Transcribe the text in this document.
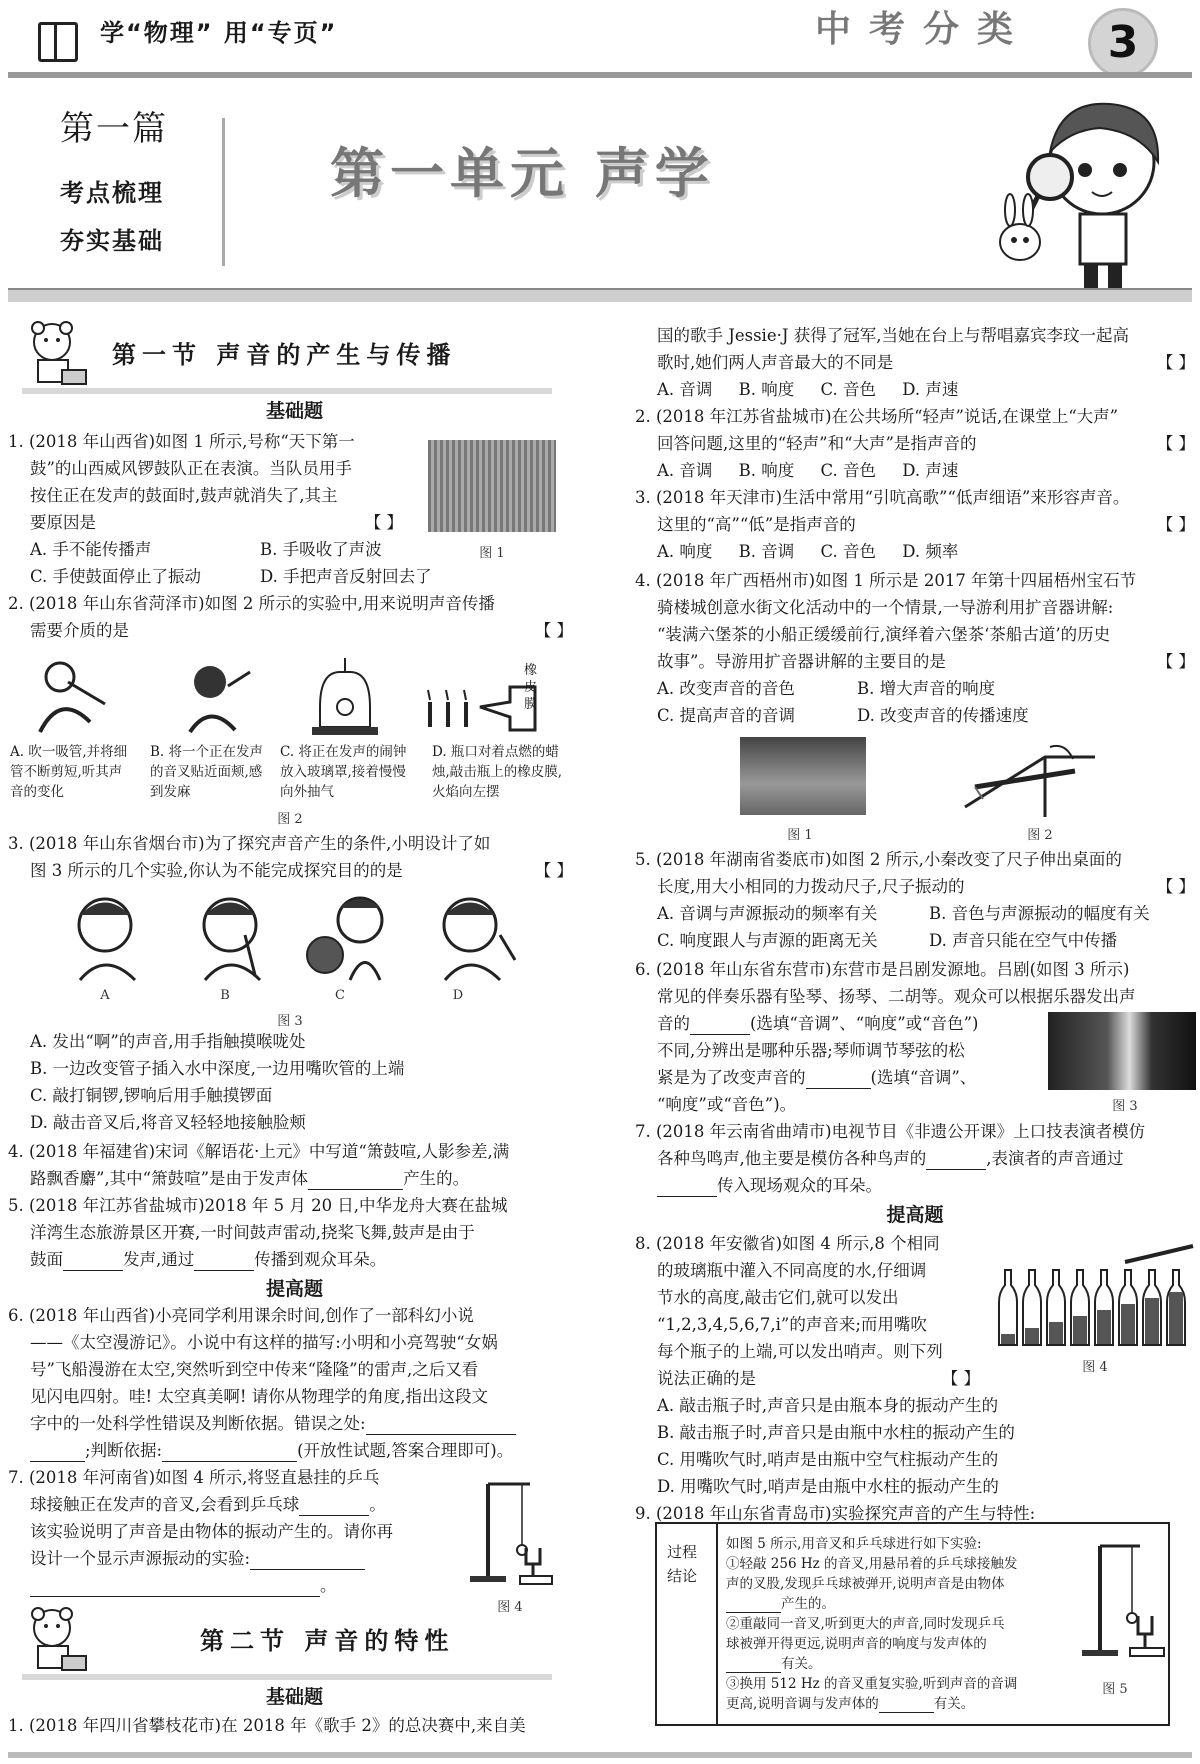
学“物理” 用“专页”	中考分类	3
第一篇
考点梳理
夯实基础
第一单元 声学
第一节 声音的产生与传播
基础题
1. (2018 年山西省)如图 1 所示,号称“天下第一
鼓”的山西威风锣鼓队正在表演。当队员用手
按住正在发声的鼓面时,鼓声就消失了,其主
要原因是	【 】
A. 手不能传播声	B. 手吸收了声波
C. 手使鼓面停止了振动	D. 手把声音反射回去了
图 1
2. (2018 年山东省菏泽市)如图 2 所示的实验中,用来说明声音传播
需要介质的是	【 】
橡皮膜
A. 吹一吸管,并将细管不断剪短,听其声音的变化
B. 将一个正在发声的音叉贴近面颊,感到发麻
C. 将正在发声的闹钟放入玻璃罩,接着慢慢向外抽气
D. 瓶口对着点燃的蜡烛,敲击瓶上的橡皮膜,火焰向左摆
图 2
3. (2018 年山东省烟台市)为了探究声音产生的条件,小明设计了如
图 3 所示的几个实验,你认为不能完成探究目的的是	【 】
A	B	C	D
图 3
A. 发出“啊”的声音,用手指触摸喉咙处
B. 一边改变管子插入水中深度,一边用嘴吹管的上端
C. 敲打铜锣,锣响后用手触摸锣面
D. 敲击音叉后,将音叉轻轻地接触脸颊
4. (2018 年福建省)宋词《解语花·上元》中写道“箫鼓喧,人影参差,满
路飘香麝”,其中“箫鼓喧”是由于发声体	产生的。
5. (2018 年江苏省盐城市)2018 年 5 月 20 日,中华龙舟大赛在盐城
洋湾生态旅游景区开赛,一时间鼓声雷动,挠桨飞舞,鼓声是由于
鼓面	发声,通过	传播到观众耳朵。
提高题
6. (2018 年山西省)小亮同学利用课余时间,创作了一部科幻小说
——《太空漫游记》。小说中有这样的描写:小明和小亮驾驶“女娲
号”飞船漫游在太空,突然听到空中传来“隆隆”的雷声,之后又看
见闪电四射。哇! 太空真美啊! 请你从物理学的角度,指出这段文
字中的一处科学性错误及判断依据。错误之处:
;判断依据:	(开放性试题,答案合理即可)。
7. (2018 年河南省)如图 4 所示,将竖直悬挂的乒乓
球接触正在发声的音叉,会看到乒乓球	。
该实验说明了声音是由物体的振动产生的。请你再
设计一个显示声源振动的实验:
。
图 4
第二节 声音的特性
基础题
1. (2018 年四川省攀枝花市)在 2018 年《歌手 2》的总决赛中,来自美
国的歌手 Jessie·J 获得了冠军,当她在台上与帮唱嘉宾李玟一起高
歌时,她们两人声音最大的不同是	【 】
A. 音调     B. 响度     C. 音色     D. 声速
2. (2018 年江苏省盐城市)在公共场所“轻声”说话,在课堂上“大声”
回答问题,这里的“轻声”和“大声”是指声音的	【 】
A. 音调     B. 响度     C. 音色     D. 声速
3. (2018 年天津市)生活中常用“引吭高歌”“低声细语”来形容声音。
这里的“高”“低”是指声音的	【 】
A. 响度     B. 音调     C. 音色     D. 频率
4. (2018 年广西梧州市)如图 1 所示是 2017 年第十四届梧州宝石节
骑楼城创意水街文化活动中的一个情景,一导游利用扩音器讲解:
“装满六堡茶的小船正缓缓前行,演绎着六堡茶‘茶船古道’的历史
故事”。导游用扩音器讲解的主要目的是	【 】
A. 改变声音的音色	B. 增大声音的响度
C. 提高声音的音调	D. 改变声音的传播速度
图 1	图 2
5. (2018 年湖南省娄底市)如图 2 所示,小秦改变了尺子伸出桌面的
长度,用大小相同的力拨动尺子,尺子振动的	【 】
A. 音调与声源振动的频率有关	B. 音色与声源振动的幅度有关
C. 响度跟人与声源的距离无关	D. 声音只能在空气中传播
6. (2018 年山东省东营市)东营市是吕剧发源地。吕剧(如图 3 所示)
常见的伴奏乐器有坠琴、扬琴、二胡等。观众可以根据乐器发出声
音的	(选填“音调”、“响度”或“音色”)
不同,分辨出是哪种乐器;琴师调节琴弦的松
紧是为了改变声音的	(选填“音调”、
“响度”或“音色”)。	图 3
7. (2018 年云南省曲靖市)电视节目《非遗公开课》上口技表演者模仿
各种鸟鸣声,他主要是模仿各种鸟声的	,表演者的声音通过
传入现场观众的耳朵。
提高题
8. (2018 年安徽省)如图 4 所示,8 个相同
的玻璃瓶中灌入不同高度的水,仔细调
节水的高度,敲击它们,就可以发出
“1,2,3,4,5,6,7,i”的声音来;而用嘴吹
每个瓶子的上端,可以发出哨声。则下列
说法正确的是	【 】
图 4
A. 敲击瓶子时,声音只是由瓶本身的振动产生的
B. 敲击瓶子时,声音只是由瓶中水柱的振动产生的
C. 用嘴吹气时,哨声是由瓶中空气柱振动产生的
D. 用嘴吹气时,哨声是由瓶中水柱的振动产生的
9. (2018 年山东省青岛市)实验探究声音的产生与特性:
过程结论
如图 5 所示,用音叉和乒乓球进行如下实验:
①轻敲 256 Hz 的音叉,用悬吊着的乒乓球接触发
声的叉股,发现乒乓球被弹开,说明声音是由物体
产生的。
②重敲同一音叉,听到更大的声音,同时发现乒乓
球被弹开得更远,说明声音的响度与发声体的
有关。
③换用 512 Hz 的音叉重复实验,听到声音的音调
更高,说明音调与发声体的	有关。
图 5
